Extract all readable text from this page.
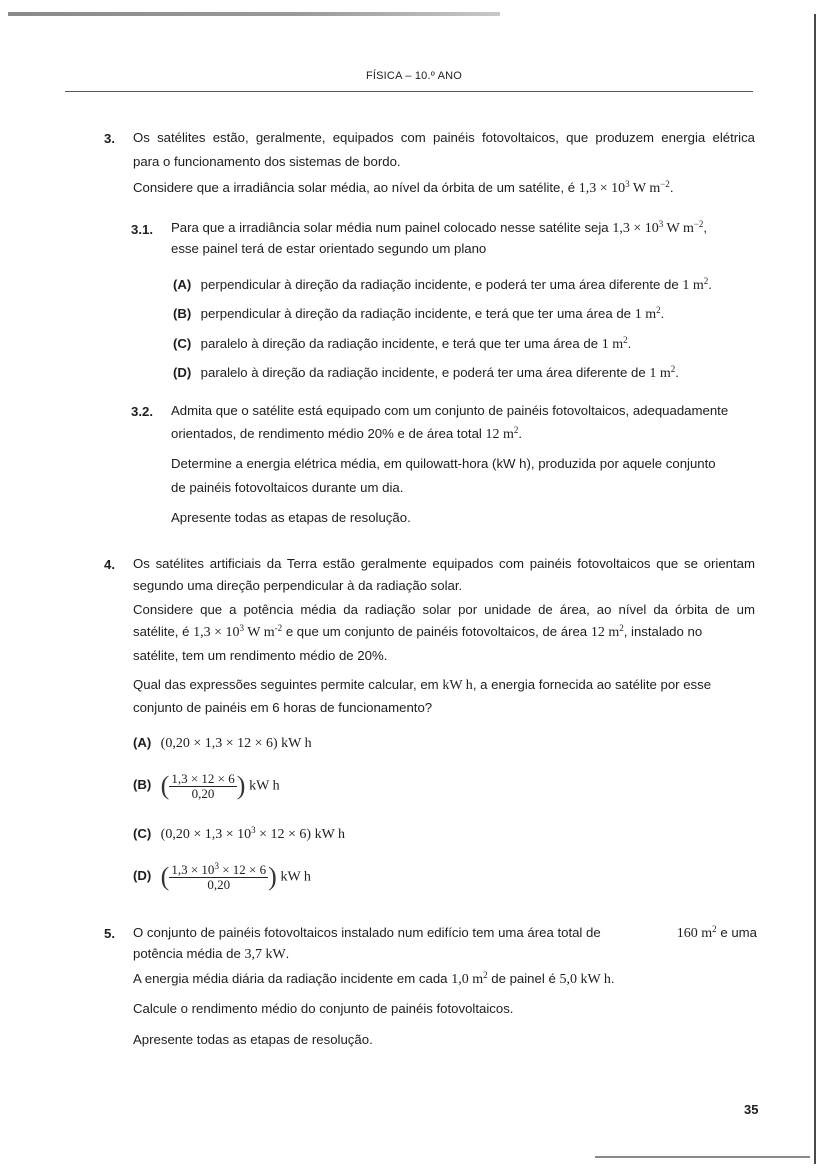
FÍSICA – 10.º ANO
3. Os satélites estão, geralmente, equipados com painéis fotovoltaicos, que produzem energia elétrica
para o funcionamento dos sistemas de bordo.
Considere que a irradiância solar média, ao nível da órbita de um satélite, é $1,3 \times 10^3$ W $m^{-2}$.
3.1. Para que a irradiância solar média num painel colocado nesse satélite seja $1,3 \times 10^3$ W $m^{-2}$,
esse painel terá de estar orientado segundo um plano
(A) perpendicular à direção da radiação incidente, e poderá ter uma área diferente de 1 $m^2$.
(B) perpendicular à direção da radiação incidente, e terá que ter uma área de 1 $m^2$.
(C) paralelo à direção da radiação incidente, e terá que ter uma área de 1 $m^2$.
(D) paralelo à direção da radiação incidente, e poderá ter uma área diferente de 1 $m^2$.
3.2. Admita que o satélite está equipado com um conjunto de painéis fotovoltaicos, adequadamente
orientados, de rendimento médio 20% e de área total 12 $m^2$.
Determine a energia elétrica média, em quilowatt-hora (kW h), produzida por aquele conjunto
de painéis fotovoltaicos durante um dia.
Apresente todas as etapas de resolução.
4. Os satélites artificiais da Terra estão geralmente equipados com painéis fotovoltaicos que se orientam
segundo uma direção perpendicular à da radiação solar.
Considere que a potência média da radiação solar por unidade de área, ao nível da órbita de um
satélite, é $1,3 \times 10^3$ W $m^{-2}$ e que um conjunto de painéis fotovoltaicos, de área 12 $m^2$, instalado no
satélite, tem um rendimento médio de 20%.
Qual das expressões seguintes permite calcular, em kW h, a energia fornecida ao satélite por esse
conjunto de painéis em 6 horas de funcionamento?
(A) (0,20 × 1,3 × 12 × 6) kW h
(B) ( $\frac{1,3 \times 12 \times 6}{0,20}$ ) kW h
(C) $(0,20 \times 1,3 \times 10^3 \times 12 \times 6)$ kW h
(D) ( $\frac{1,3 \times 10^3 \times 12 \times 6}{0,20}$ ) kW h
5. O conjunto de painéis fotovoltaicos instalado num edifício tem uma área total de	160 $m^2$ e uma
potência média de 3,7 kW.
A energia média diária da radiação incidente em cada 1,0 $m^2$ de painel é 5,0 kW h.
Calcule o rendimento médio do conjunto de painéis fotovoltaicos.
Apresente todas as etapas de resolução.
35
